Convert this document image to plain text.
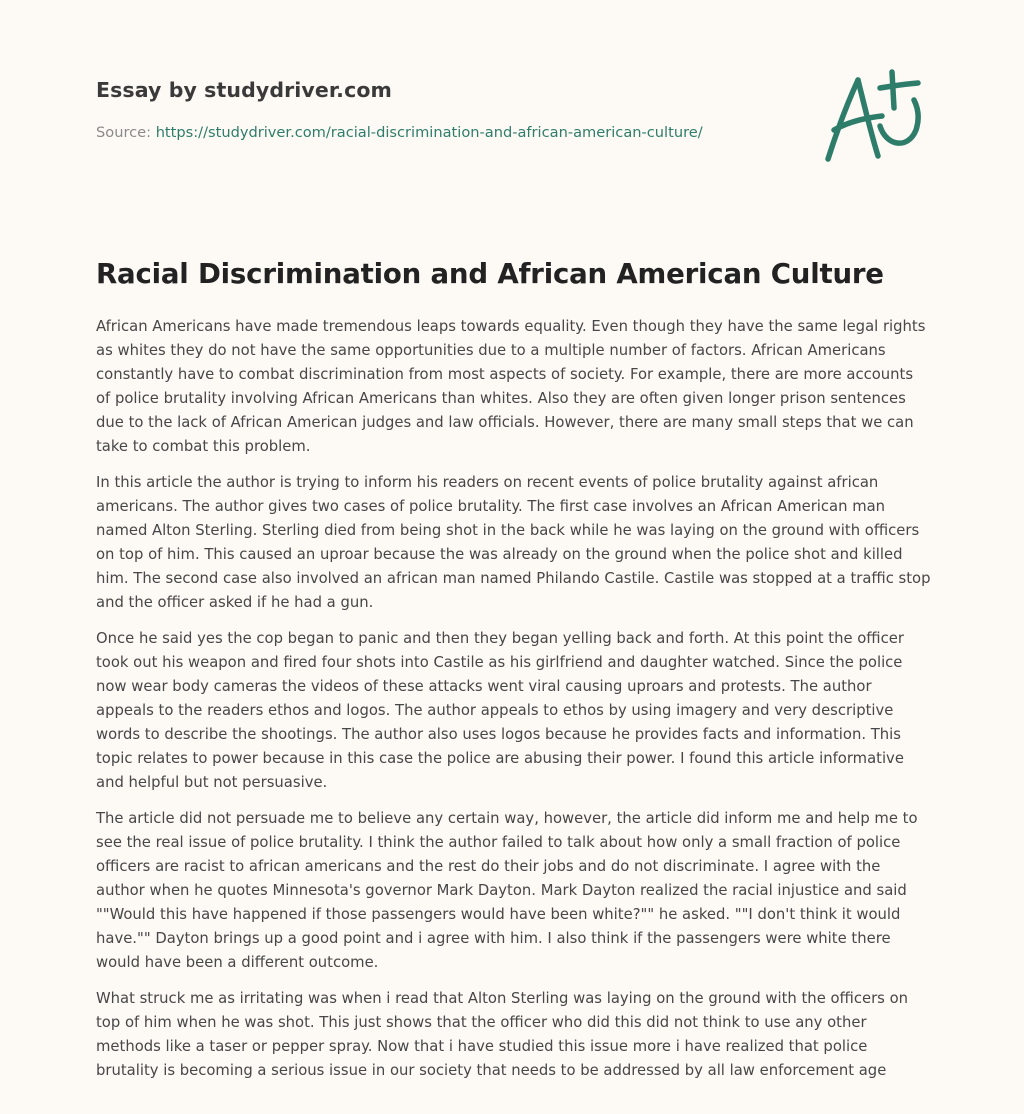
Essay by studydriver.com
Source: https://studydriver.com/racial-discrimination-and-african-american-culture/
Racial Discrimination and African American Culture

African Americans have made tremendous leaps towards equality. Even though they have the same legal rights as whites they do not have the same opportunities due to a multiple number of factors. African Americans constantly have to combat discrimination from most aspects of society. For example, there are more accounts of police brutality involving African Americans than whites. Also they are often given longer prison sentences due to the lack of African American judges and law officials. However, there are many small steps that we can take to combat this problem.

In this article the author is trying to inform his readers on recent events of police brutality against african americans. The author gives two cases of police brutality. The first case involves an African American man named Alton Sterling. Sterling died from being shot in the back while he was laying on the ground with officers on top of him. This caused an uproar because the was already on the ground when the police shot and killed him. The second case also involved an african man named Philando Castile. Castile was stopped at a traffic stop and the officer asked if he had a gun.

Once he said yes the cop began to panic and then they began yelling back and forth. At this point the officer took out his weapon and fired four shots into Castile as his girlfriend and daughter watched. Since the police now wear body cameras the videos of these attacks went viral causing uproars and protests. The author appeals to the readers ethos and logos. The author appeals to ethos by using imagery and very descriptive words to describe the shootings. The author also uses logos because he provides facts and information. This topic relates to power because in this case the police are abusing their power. I found this article informative and helpful but not persuasive.

The article did not persuade me to believe any certain way, however, the article did inform me and help me to see the real issue of police brutality. I think the author failed to talk about how only a small fraction of police officers are racist to african americans and the rest do their jobs and do not discriminate. I agree with the author when he quotes Minnesota's governor Mark Dayton. Mark Dayton realized the racial injustice and said ""Would this have happened if those passengers would have been white?"" he asked. ""I don't think it would have."" Dayton brings up a good point and i agree with him. I also think if the passengers were white there would have been a different outcome.

What struck me as irritating was when i read that Alton Sterling was laying on the ground with the officers on top of him when he was shot. This just shows that the officer who did this did not think to use any other methods like a taser or pepper spray. Now that i have studied this issue more i have realized that police brutality is becoming a serious issue in our society that needs to be addressed by all law enforcement age
